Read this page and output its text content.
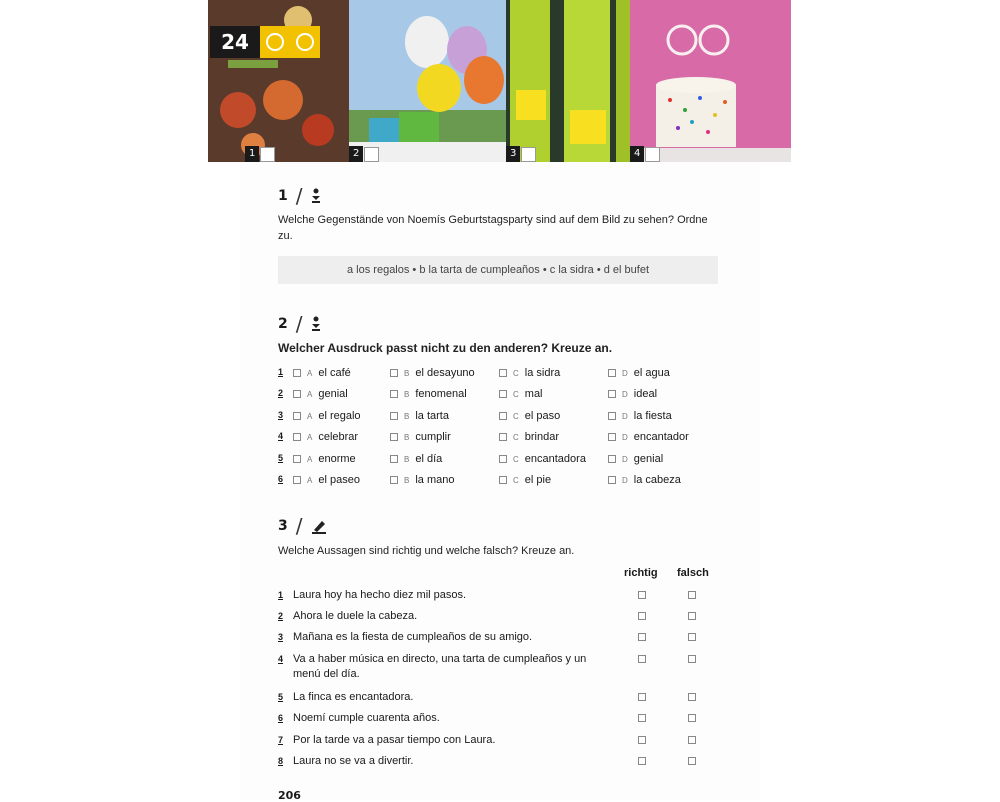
1	2	3	4
24
1 /
Welche Gegenstände von Noemís Geburtstagsparty sind auf dem Bild zu sehen? Ordne zu.
a los regalos • b la tarta de cumpleaños • c la sidra • d el bufet
2 /
Welcher Ausdruck passt nicht zu den anderen? Kreuze an.
1	A el café	B el desayuno	C la sidra	D el agua
2	A genial	B fenomenal	C mal	D ideal
3	A el regalo	B la tarta	C el paso	D la fiesta
4	A celebrar	B cumplir	C brindar	D encantador
5	A enorme	B el día	C encantadora	D genial
6	A el paseo	B la mano	C el pie	D la cabeza
3 /
Welche Aussagen sind richtig und welche falsch? Kreuze an.
richtig falsch
1 Laura hoy ha hecho diez mil pasos.
2 Ahora le duele la cabeza.
3 Mañana es la fiesta de cumpleaños de su amigo.
4 Va a haber música en directo, una tarta de cumpleaños y un menú del día.
5 La finca es encantadora.
6 Noemí cumple cuarenta años.
7 Por la tarde va a pasar tiempo con Laura.
8 Laura no se va a divertir.
206
